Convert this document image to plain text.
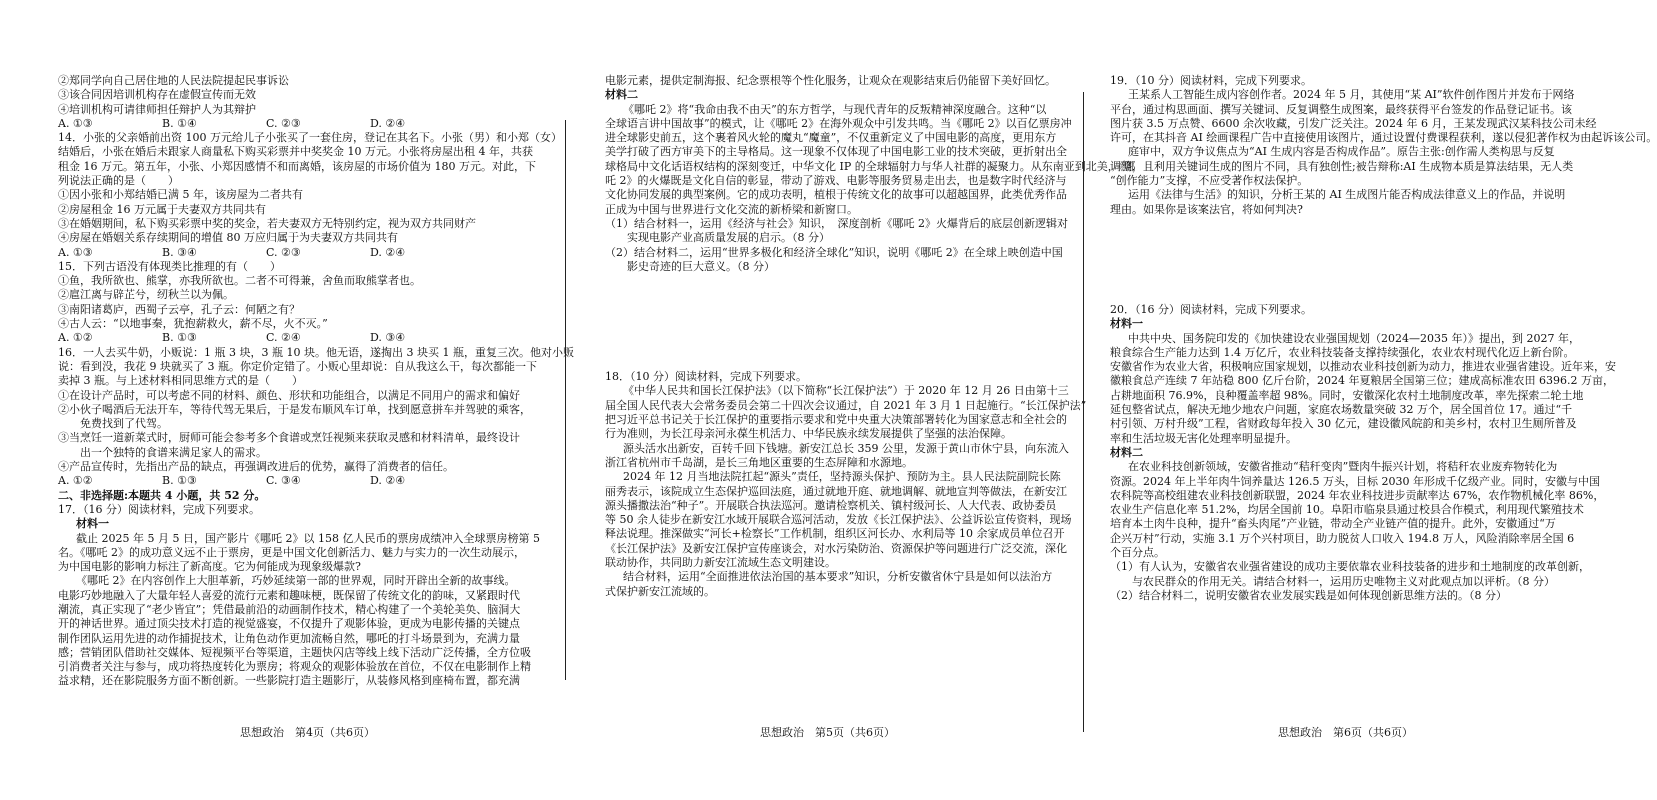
②郑同学向自己居住地的人民法院提起民事诉讼
③该合同因培训机构存在虚假宣传而无效
④培训机构可请律师担任辩护人为其辩护
A. ①③	B. ①④	C. ②③	D. ②④
14．小张的父亲婚前出资 100 万元给儿子小张买了一套住房，登记在其名下。小张（男）和小郑（女）
结婚后，小张在婚后未跟家人商量私下购买彩票并中奖奖金 10 万元。小张将房屋出租 4 年，共获
租金 16 万元。第五年，小张、小郑因感情不和而离婚，该房屋的市场价值为 180 万元。对此，下
列说法正确的是（　　）
①因小张和小郑结婚已满 5 年，该房屋为二者共有
②房屋租金 16 万元属于夫妻双方共同共有
③在婚姻期间，私下购买彩票中奖的奖金，若夫妻双方无特别约定，视为双方共同财产
④房屋在婚姻关系存续期间的增值 80 万应归属于为夫妻双方共同共有
A. ①③	B. ③④	C. ②③	D. ②④
15．下列古语没有体现类比推理的有（　　）
①鱼，我所欲也、熊掌，亦我所欲也。二者不可得兼，舍鱼而取熊掌者也。
②扈江离与辟芷兮，纫秋兰以为佩。
③南阳诸葛庐，西蜀子云亭，孔子云：何陋之有？
④古人云：“以地事秦，犹抱薪救火，薪不尽，火不灭。”
A. ①②	B. ①③	C. ②④	D. ③④
16．一人去买牛奶，小贩说：1 瓶 3 块，3 瓶 10 块。他无语，遂掏出 3 块买 1 瓶，重复三次。他对小贩
说：看到没，我花 9 块就买了 3 瓶。你定价定错了。小贩心里却说：自从我这么干，每次都能一下
卖掉 3 瓶。与上述材料相同思维方式的是（　　）
①在设计产品时，可以考虑不同的材料、颜色、形状和功能组合，以满足不同用户的需求和偏好
②小伙子喝酒后无法开车，等待代驾无果后，于是发布顺风车订单，找到愿意拼车并驾驶的乘客，
免费找到了代驾。
③当烹饪一道新菜式时，厨师可能会参考多个食谱或烹饪视频来获取灵感和材料清单，最终设计
出一个独特的食谱来满足家人的需求。
④产品宣传时，先指出产品的缺点，再强调改进后的优势，赢得了消费者的信任。
A. ①②	B. ①③	C. ③④	D. ②④
二、非选择题:本题共 4 小题，共 52 分。
17．（16 分）阅读材料，完成下列要求。
材料一
截止 2025 年 5 月 5 日，国产影片《哪吒 2》以 158 亿人民币的票房成绩冲入全球票房榜第 5
名。《哪吒 2》的成功意义远不止于票房，更是中国文化创新活力、魅力与实力的一次生动展示，
为中国电影的影响力标注了新高度。它为何能成为现象级爆款?
《哪吒 2》在内容创作上大胆革新，巧妙延续第一部的世界观，同时开辟出全新的故事线。
电影巧妙地融入了大量年轻人喜爱的流行元素和趣味梗，既保留了传统文化的韵味，又紧跟时代
潮流，真正实现了“老少皆宜”；凭借最前沿的动画制作技术，精心构建了一个美轮美奂、脑洞大
开的神话世界。通过顶尖技术打造的视觉盛宴，不仅提升了观影体验，更成为电影传播的关键点
制作团队运用先进的动作捕捉技术，让角色动作更加流畅自然，哪吒的打斗场景到为，充满力量
感；营销团队借助社交媒体、短视频平台等渠道，主题快闪店等线上线下活动广泛传播，全方位吸
引消费者关注与参与，成功将热度转化为票房；将观众的观影体验放在首位，不仅在电影制作上精
益求精，还在影院服务方面不断创新。一些影院打造主题影厅，从装修风格到座椅布置，都充满
思想政治　第4页（共6页）
电影元素，提供定制海报、纪念票根等个性化服务，让观众在观影结束后仍能留下美好回忆。
材料二
《哪吒 2》将“我命由我不由天”的东方哲学，与现代青年的反叛精神深度融合。这种“以
全球语言讲中国故事”的模式，让《哪吒 2》在海外观众中引发共鸣。当《哪吒 2》以百亿票房冲
进全球影史前五，这个裹着风火轮的魔丸“魔童”，不仅重新定义了中国电影的高度，更用东方
美学打破了西方审美下的主导格局。这一现象不仅体现了中国电影工业的技术突破，更折射出全
球格局中文化话语权结构的深刻变迁，中华文化 IP 的全球辐射力与华人社群的凝聚力。从东南亚到北美，《哪
吒 2》的火爆既是文化自信的彰显，带动了游戏、电影等服务贸易走出去，也是数字时代经济与
文化协同发展的典型案例。它的成功表明，植根于传统文化的故事可以超越国界，此类优秀作品
正成为中国与世界进行文化交流的新桥梁和新窗口。
（1）结合材料一，运用《经济与社会》知识，　深度剖析《哪吒 2》火爆背后的底层创新逻辑对
实现电影产业高质量发展的启示。（8 分）
（2）结合材料二，运用“世界多极化和经济全球化”知识，说明《哪吒 2》在全球上映创造中国
影史奇迹的巨大意义。（8 分）
18．（10 分）阅读材料，完成下列要求。
《中华人民共和国长江保护法》（以下简称“长江保护法”）于 2020 年 12 月 26 日由第十三
届全国人民代表大会常务委员会第二十四次会议通过，自 2021 年 3 月 1 日起施行。“长江保护法”
把习近平总书记关于长江保护的重要指示要求和党中央重大决策部署转化为国家意志和全社会的
行为准则，为长江母亲河永葆生机活力、中华民族永续发展提供了坚强的法治保障。
源头活水出新安，百转千回下钱塘。新安江总长 359 公里，发源于黄山市休宁县，向东流入
浙江省杭州市千岛湖，是长三角地区重要的生态屏障和水源地。
2024 年 12 月当地法院扛起“源头”责任，坚持源头保护、预防为主。县人民法院副院长陈
丽秀表示，该院成立生态保护巡回法庭，通过就地开庭、就地调解、就地宣判等做法，在新安江
源头播撒法治“种子”。开展联合执法巡河。邀请检察机关、镇村级河长、人大代表、政协委员
等 50 余人徒步在新安江水域开展联合巡河活动，发放《长江保护法》、公益诉讼宣传资料，现场
释法说理。推深做实“河长+检察长”工作机制，组织区河长办、水利局等 10 余家成员单位召开
《长江保护法》及新安江保护宣传座谈会，对水污染防治、资源保护等问题进行广泛交流，深化
联动协作，共同助力新安江流域生态文明建设。
结合材料，运用“全面推进依法治国的基本要求”知识，分析安徽省休宁县是如何以法治方
式保护新安江流域的。
思想政治　第5页（共6页）
19．（10 分）阅读材料，完成下列要求。
王某系人工智能生成内容创作者。2024 年 5 月，其使用“某 AI”软件创作图片并发布于网络
平台，通过构思画面、撰写关键词、反复调整生成图案，最终获得平台签发的作品登记证书。该
图片获 3.5 万点赞、6600 余次收藏，引发广泛关注。2024 年 6 月，王某发现武汉某科技公司未经
许可，在其抖音 AI 绘画课程广告中直接使用该图片，通过设置付费课程获利，遂以侵犯著作权为由起诉该公司。
庭审中，双方争议焦点为“AI 生成内容是否构成作品”。原告主张:创作需人类构思与反复
调整，且利用关键词生成的图片不同，具有独创性;被告辩称:AI 生成物本质是算法结果，无人类
“创作能力”支撑，不应受著作权法保护。
运用《法律与生活》的知识，分析王某的 AI 生成图片能否构成法律意义上的作品，并说明
理由。如果你是该案法官，将如何判决?
20．（16 分）阅读材料，完成下列要求。
材料一
中共中央、国务院印发的《加快建设农业强国规划（2024—2035 年）》提出，到 2027 年，
粮食综合生产能力达到 1.4 万亿斤，农业科技装备支撑持续强化，农业农村现代化迈上新台阶。
安徽省作为农业大省，积极响应国家规划，以推动农业科技创新为动力，推进农业强省建设。近年来，安
徽粮食总产连续 7 年站稳 800 亿斤台阶，2024 年夏粮居全国第三位；建成高标准农田 6396.2 万亩，
占耕地面积 76.9%，良种覆盖率超 98%。同时，安徽深化农村土地制度改革，率先探索二轮土地
延包整省试点，解决无地少地农户问题，家庭农场数量突破 32 万个，居全国首位 17。通过“千
村引领、万村升级”工程，省财政每年投入 30 亿元，建设徽风皖韵和美乡村，农村卫生厕所普及
率和生活垃圾无害化处理率明显提升。
材料二
在农业科技创新领域，安徽省推动“秸秆变肉”暨肉牛振兴计划，将秸秆农业废弃物转化为
资源。2024 年上半年肉牛饲养量达 126.5 万头，目标 2030 年形成千亿级产业。同时，安徽与中国
农科院等高校组建农业科技创新联盟，2024 年农业科技进步贡献率达 67%，农作物机械化率 86%，
农业生产信息化率 51.2%，均居全国前 10。阜阳市临泉县通过校县合作模式，利用现代繁殖技术
培育本土肉牛良种，提升“畜头肉尾”产业链，带动全产业链产值的提升。此外，安徽通过“万
企兴万村”行动，实施 3.1 万个兴村项目，助力脱贫人口收入 194.8 万人，风险消除率居全国 6
个百分点。
（1）有人认为，安徽省农业强省建设的成功主要依靠农业科技装备的进步和土地制度的改革创新，
与农民群众的作用无关。请结合材料一，运用历史唯物主义对此观点加以评析。（8 分）
（2）结合材料二，说明安徽省农业发展实践是如何体现创新思维方法的。（8 分）
思想政治　第6页（共6页）
